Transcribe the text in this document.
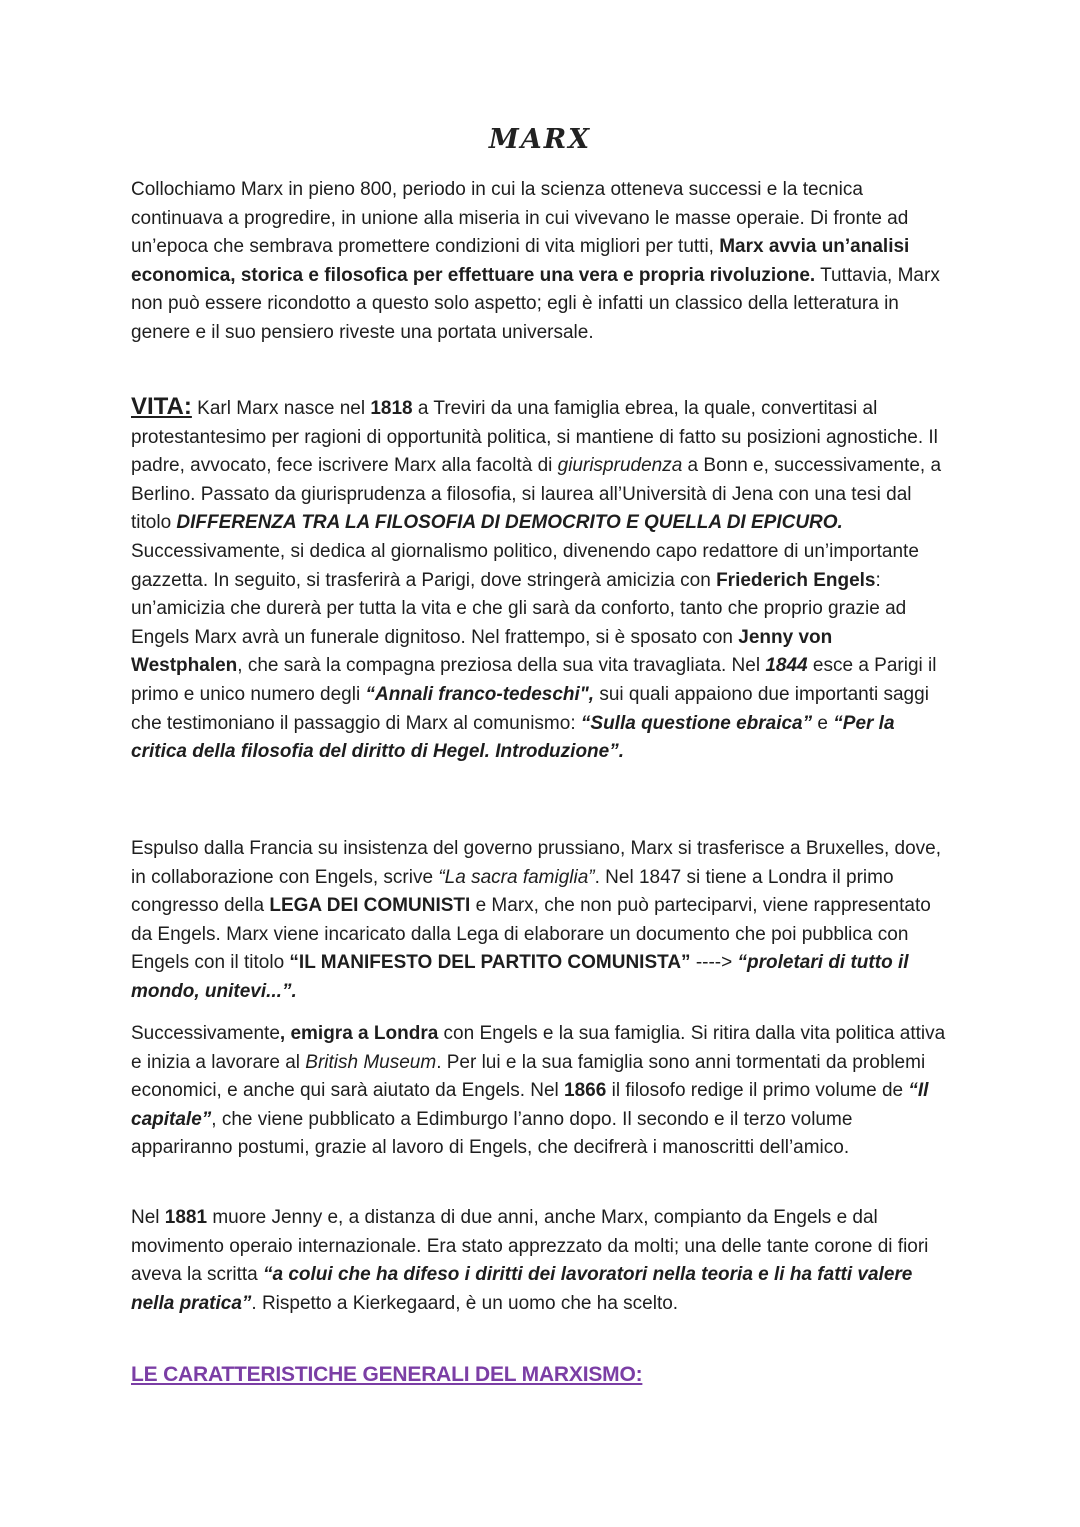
MARX

Collochiamo Marx in pieno 800, periodo in cui la scienza otteneva successi e la tecnica continuava a progredire, in unione alla miseria in cui vivevano le masse operaie. Di fronte ad un’epoca che sembrava promettere condizioni di vita migliori per tutti, Marx avvia un’analisi economica, storica e filosofica per effettuare una vera e propria rivoluzione. Tuttavia, Marx non può essere ricondotto a questo solo aspetto; egli è infatti un classico della letteratura in genere e il suo pensiero riveste una portata universale.

VITA: Karl Marx nasce nel 1818 a Treviri da una famiglia ebrea, la quale, convertitasi al protestantesimo per ragioni di opportunità politica, si mantiene di fatto su posizioni agnostiche. Il padre, avvocato, fece iscrivere Marx alla facoltà di giurisprudenza a Bonn e, successivamente, a Berlino. Passato da giurisprudenza a filosofia, si laurea all’Università di Jena con una tesi dal titolo DIFFERENZA TRA LA FILOSOFIA DI DEMOCRITO E QUELLA DI EPICURO. Successivamente, si dedica al giornalismo politico, divenendo capo redattore di un’importante gazzetta. In seguito, si trasferirà a Parigi, dove stringerà amicizia con Friederich Engels: un’amicizia che durerà per tutta la vita e che gli sarà da conforto, tanto che proprio grazie ad Engels Marx avrà un funerale dignitoso. Nel frattempo, si è sposato con Jenny von Westphalen, che sarà la compagna preziosa della sua vita travagliata. Nel 1844 esce a Parigi il primo e unico numero degli “Annali franco-tedeschi", sui quali appaiono due importanti saggi che testimoniano il passaggio di Marx al comunismo: “Sulla questione ebraica” e “Per la critica della filosofia del diritto di Hegel. Introduzione”.

Espulso dalla Francia su insistenza del governo prussiano, Marx si trasferisce a Bruxelles, dove, in collaborazione con Engels, scrive “La sacra famiglia”. Nel 1847 si tiene a Londra il primo congresso della LEGA DEI COMUNISTI e Marx, che non può parteciparvi, viene rappresentato da Engels. Marx viene incaricato dalla Lega di elaborare un documento che poi pubblica con Engels con il titolo “IL MANIFESTO DEL PARTITO COMUNISTA” ----> “proletari di tutto il mondo, unitevi...”.

Successivamente, emigra a Londra con Engels e la sua famiglia. Si ritira dalla vita politica attiva e inizia a lavorare al British Museum. Per lui e la sua famiglia sono anni tormentati da problemi economici, e anche qui sarà aiutato da Engels. Nel 1866 il filosofo redige il primo volume de “Il capitale”, che viene pubblicato a Edimburgo l’anno dopo. Il secondo e il terzo volume appariranno postumi, grazie al lavoro di Engels, che decifrerà i manoscritti dell’amico.

Nel 1881 muore Jenny e, a distanza di due anni, anche Marx, compianto da Engels e dal movimento operaio internazionale. Era stato apprezzato da molti; una delle tante corone di fiori aveva la scritta “a colui che ha difeso i diritti dei lavoratori nella teoria e li ha fatti valere nella pratica”. Rispetto a Kierkegaard, è un uomo che ha scelto.

LE CARATTERISTICHE GENERALI DEL MARXISMO:
